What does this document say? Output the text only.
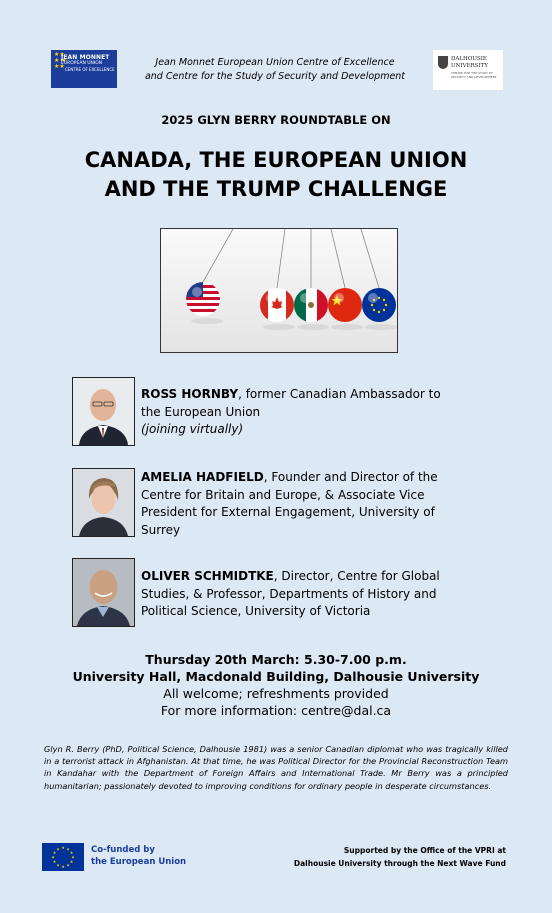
★★
★ ★
★★
JEAN MONNET
EUROPEAN UNION
CENTRE OF EXCELLENCE
Jean Monnet European Union Centre of Excellence
and Centre for the Study of Security and Development
DALHOUSIE
UNIVERSITY
CENTRE FOR THE STUDY OF SECURITY AND DEVELOPMENT
2025 GLYN BERRY ROUNDTABLE ON
CANADA, THE EUROPEAN UNION
AND THE TRUMP CHALLENGE
ROSS HORNBY, former Canadian Ambassador to
the European Union
(joining virtually)
AMELIA HADFIELD, Founder and Director of the
Centre for Britain and Europe, & Associate Vice
President for External Engagement, University of
Surrey
OLIVER SCHMIDTKE, Director, Centre for Global
Studies, & Professor, Departments of History and
Political Science, University of Victoria
Thursday 20th March: 5.30-7.00 p.m.
University Hall, Macdonald Building, Dalhousie University
All welcome; refreshments provided
For more information: centre@dal.ca
Glyn R. Berry (PhD, Political Science, Dalhousie 1981) was a senior Canadian diplomat who was tragically killed in a terrorist attack in Afghanistan. At that time, he was Political Director for the Provincial Reconstruction Team in Kandahar with the Department of Foreign Affairs and International Trade. Mr Berry was a principled humanitarian; passionately devoted to improving conditions for ordinary people in desperate circumstances.
★ ★
★
★
★
★
★
★
★
★
★
★	Co-funded by
the European Union
Supported by the Office of the VPRI at
Dalhousie University through the Next Wave Fund
